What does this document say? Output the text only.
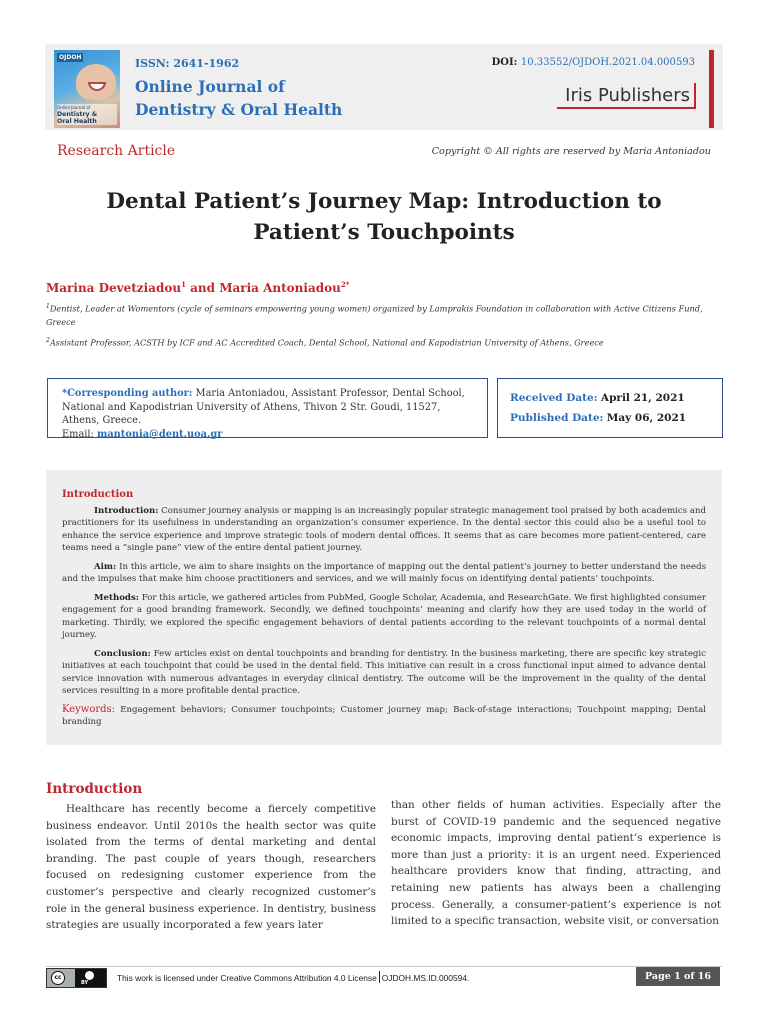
OJDOH
Online Journal of
Dentistry &
Oral Health
ISSN: 2641-1962
Online Journal of
Dentistry & Oral Health
DOI: 10.33552/OJDOH.2021.04.000593
Iris Publishers
Research Article	Copyright © All rights are reserved by Maria Antoniadou
Dental Patient’s Journey Map: Introduction to
Patient’s Touchpoints
Marina Devetziadou$^1$ and Maria Antoniadou$^{2*}$
$^1$Dentist, Leader at Womentors (cycle of seminars empowering young women) organized by Lamprakis Foundation in collaboration with Active Citizens Fund, Greece
$^2$Assistant Professor, ACSTH by ICF and AC Accredited Coach, Dental School, National and Kapodistrian University of Athens, Greece
*Corresponding author: Maria Antoniadou, Assistant Professor, Dental School, National and Kapodistrian University of Athens, Thivon 2 Str. Goudi, 11527, Athens, Greece.
Email: mantonia@dent.uoa.gr
Received Date: April 21, 2021
Published Date: May 06, 2021
Introduction

Introduction: Consumer journey analysis or mapping is an increasingly popular strategic management tool praised by both academics and practitioners for its usefulness in understanding an organization’s consumer experience. In the dental sector this could also be a useful tool to enhance the service experience and improve strategic tools of modern dental offices. It seems that as care becomes more patient-centered, care teams need a “single pane” view of the entire dental patient journey.

Aim: In this article, we aim to share insights on the importance of mapping out the dental patient’s journey to better understand the needs and the impulses that make him choose practitioners and services, and we will mainly focus on identifying dental patients’ touchpoints.

Methods: For this article, we gathered articles from PubMed, Google Scholar, Academia, and ResearchGate. We first highlighted consumer engagement for a good branding framework. Secondly, we defined touchpoints’ meaning and clarify how they are used today in the world of marketing. Thirdly, we explored the specific engagement behaviors of dental patients according to the relevant touchpoints of a normal dental journey.

Conclusion: Few articles exist on dental touchpoints and branding for dentistry. In the business marketing, there are specific key strategic initiatives at each touchpoint that could be used in the dental field. This initiative can result in a cross functional input aimed to advance dental service innovation with numerous advantages in everyday clinical dentistry. The outcome will be the improvement in the quality of the dental services resulting in a more profitable dental practice.

Keywords: Engagement behaviors; Consumer touchpoints; Customer journey map; Back-of-stage interactions; Touchpoint mapping; Dental branding

Introduction

Healthcare has recently become a fiercely competitive business endeavor. Until 2010s the health sector was quite isolated from the terms of dental marketing and dental branding. The past couple of years though, researchers focused on redesigning customer experience from the customer’s perspective and clearly recognized customer’s role in the general business experience. In dentistry, business strategies are usually incorporated a few years later

than other fields of human activities. Especially after the burst of COVID-19 pandemic and the sequenced negative economic impacts, improving dental patient’s experience is more than just a priority: it is an urgent need. Experienced healthcare providers know that finding, attracting, and retaining new patients has always been a challenging process. Generally, a consumer-patient’s experience is not limited to a specific transaction, website visit, or conversation

cc
BY	This work is licensed under Creative Commons Attribution 4.0 License OJDOH.MS.ID.000594.	Page 1 of 16
